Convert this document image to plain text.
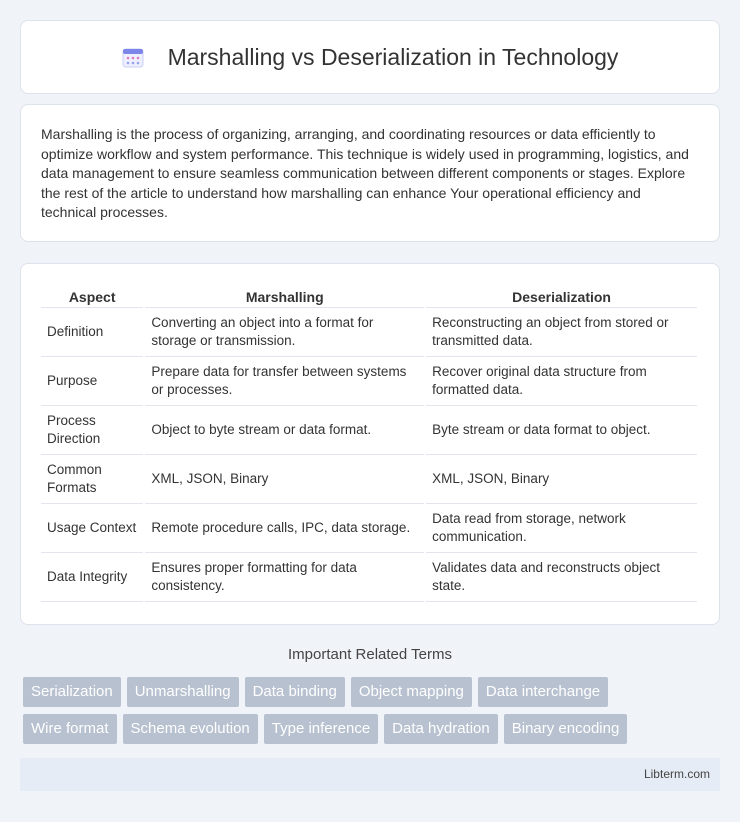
Marshalling vs Deserialization in Technology

Marshalling is the process of organizing, arranging, and coordinating resources or data efficiently to optimize workflow and system performance. This technique is widely used in programming, logistics, and data management to ensure seamless communication between different components or stages. Explore the rest of the article to understand how marshalling can enhance Your operational efficiency and technical processes.

Aspect	Marshalling	Deserialization
Definition	Converting an object into a format for storage or transmission.	Reconstructing an object from stored or transmitted data.
Purpose	Prepare data for transfer between systems or processes.	Recover original data structure from formatted data.
Process Direction	Object to byte stream or data format.	Byte stream or data format to object.
Common Formats	XML, JSON, Binary	XML, JSON, Binary
Usage Context	Remote procedure calls, IPC, data storage.	Data read from storage, network communication.
Data Integrity	Ensures proper formatting for data consistency.	Validates data and reconstructs object state.
Important Related Terms
Serialization	Unmarshalling	Data binding	Object mapping	Data interchange
Wire format	Schema evolution	Type inference	Data hydration	Binary encoding
Libterm.com
